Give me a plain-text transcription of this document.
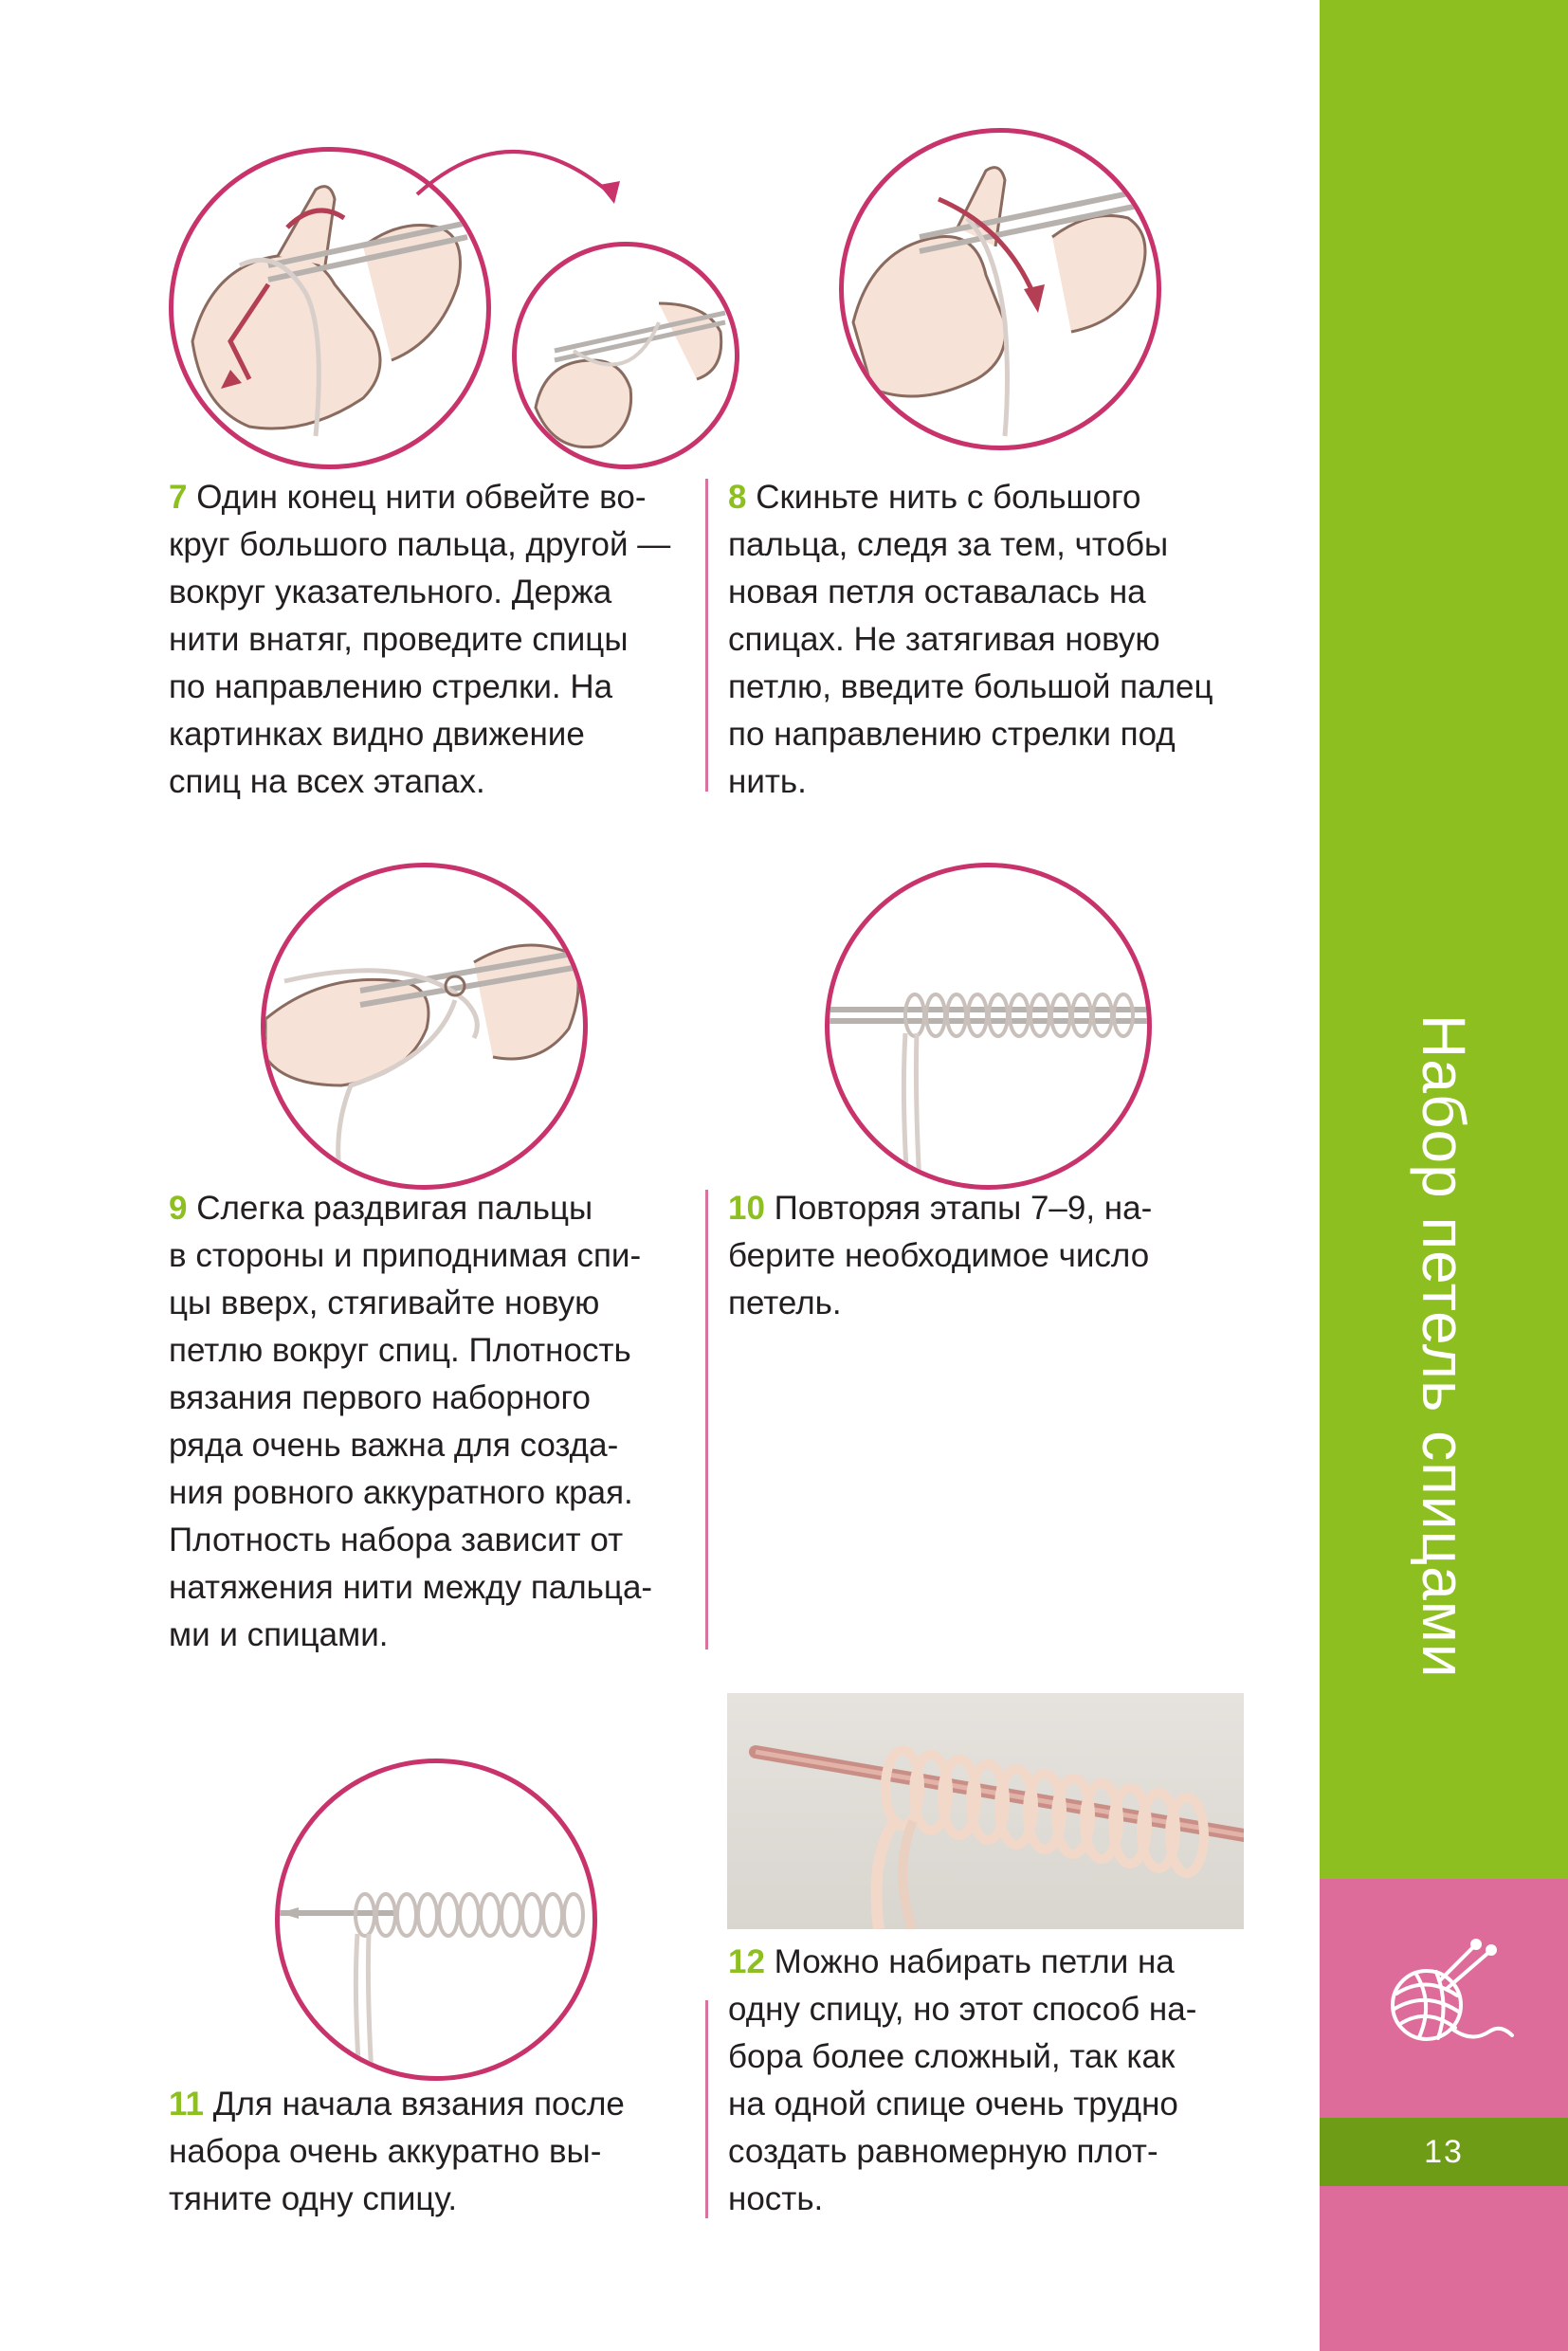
Набор петель спицами
13

7 Один конец нити обвейте во-

круг большого пальца, другой —

вокруг указательного. Держа

нити внатяг, проведите спицы

по направлению стрелки. На

картинках видно движение

спиц на всех этапах.

8 Скиньте нить с большого

пальца, следя за тем, чтобы

новая петля оставалась на

спицах. Не затягивая новую

петлю, введите большой палец

по направлению стрелки под

нить.

9 Слегка раздвигая пальцы

в стороны и приподнимая спи-

цы вверх, стягивайте новую

петлю вокруг спиц. Плотность

вязания первого наборного

ряда очень важна для созда-

ния ровного аккуратного края.

Плотность набора зависит от

натяжения нити между пальца-

ми и спицами.

10 Повторяя этапы 7–9, на-

берите необходимое число

петель.

11 Для начала вязания после

набора очень аккуратно вы-

тяните одну спицу.

12 Можно набирать петли на

одну спицу, но этот способ на-

бора более сложный, так как

на одной спице очень трудно

создать равномерную плот-

ность.
